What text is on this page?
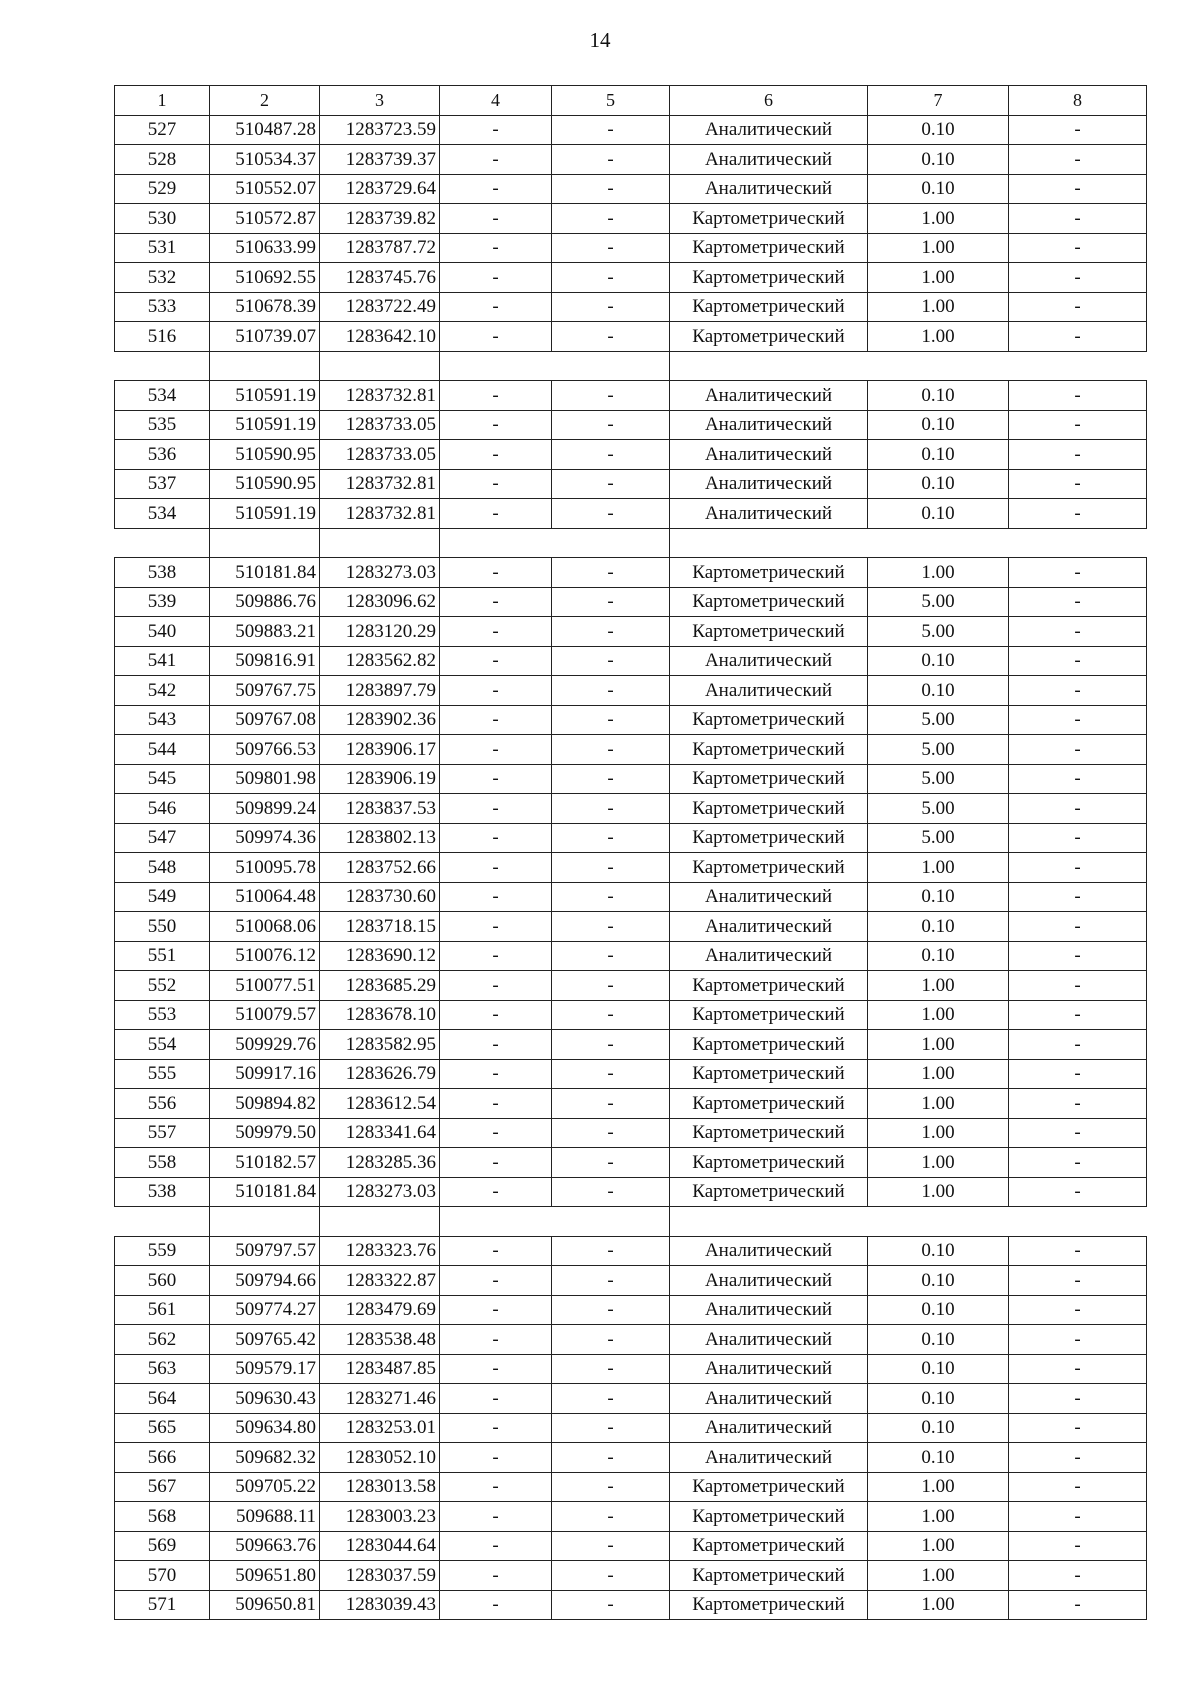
14
1	2	3	4	5	6	7	8
527	510487.28	1283723.59	-	-	Аналитический	0.10	-
528	510534.37	1283739.37	-	-	Аналитический	0.10	-
529	510552.07	1283729.64	-	-	Аналитический	0.10	-
530	510572.87	1283739.82	-	-	Картометрический	1.00	-
531	510633.99	1283787.72	-	-	Картометрический	1.00	-
532	510692.55	1283745.76	-	-	Картометрический	1.00	-
533	510678.39	1283722.49	-	-	Картометрический	1.00	-
516	510739.07	1283642.10	-	-	Картометрический	1.00	-

534	510591.19	1283732.81	-	-	Аналитический	0.10	-
535	510591.19	1283733.05	-	-	Аналитический	0.10	-
536	510590.95	1283733.05	-	-	Аналитический	0.10	-
537	510590.95	1283732.81	-	-	Аналитический	0.10	-
534	510591.19	1283732.81	-	-	Аналитический	0.10	-

538	510181.84	1283273.03	-	-	Картометрический	1.00	-
539	509886.76	1283096.62	-	-	Картометрический	5.00	-
540	509883.21	1283120.29	-	-	Картометрический	5.00	-
541	509816.91	1283562.82	-	-	Аналитический	0.10	-
542	509767.75	1283897.79	-	-	Аналитический	0.10	-
543	509767.08	1283902.36	-	-	Картометрический	5.00	-
544	509766.53	1283906.17	-	-	Картометрический	5.00	-
545	509801.98	1283906.19	-	-	Картометрический	5.00	-
546	509899.24	1283837.53	-	-	Картометрический	5.00	-
547	509974.36	1283802.13	-	-	Картометрический	5.00	-
548	510095.78	1283752.66	-	-	Картометрический	1.00	-
549	510064.48	1283730.60	-	-	Аналитический	0.10	-
550	510068.06	1283718.15	-	-	Аналитический	0.10	-
551	510076.12	1283690.12	-	-	Аналитический	0.10	-
552	510077.51	1283685.29	-	-	Картометрический	1.00	-
553	510079.57	1283678.10	-	-	Картометрический	1.00	-
554	509929.76	1283582.95	-	-	Картометрический	1.00	-
555	509917.16	1283626.79	-	-	Картометрический	1.00	-
556	509894.82	1283612.54	-	-	Картометрический	1.00	-
557	509979.50	1283341.64	-	-	Картометрический	1.00	-
558	510182.57	1283285.36	-	-	Картометрический	1.00	-
538	510181.84	1283273.03	-	-	Картометрический	1.00	-

559	509797.57	1283323.76	-	-	Аналитический	0.10	-
560	509794.66	1283322.87	-	-	Аналитический	0.10	-
561	509774.27	1283479.69	-	-	Аналитический	0.10	-
562	509765.42	1283538.48	-	-	Аналитический	0.10	-
563	509579.17	1283487.85	-	-	Аналитический	0.10	-
564	509630.43	1283271.46	-	-	Аналитический	0.10	-
565	509634.80	1283253.01	-	-	Аналитический	0.10	-
566	509682.32	1283052.10	-	-	Аналитический	0.10	-
567	509705.22	1283013.58	-	-	Картометрический	1.00	-
568	509688.11	1283003.23	-	-	Картометрический	1.00	-
569	509663.76	1283044.64	-	-	Картометрический	1.00	-
570	509651.80	1283037.59	-	-	Картометрический	1.00	-
571	509650.81	1283039.43	-	-	Картометрический	1.00	-
